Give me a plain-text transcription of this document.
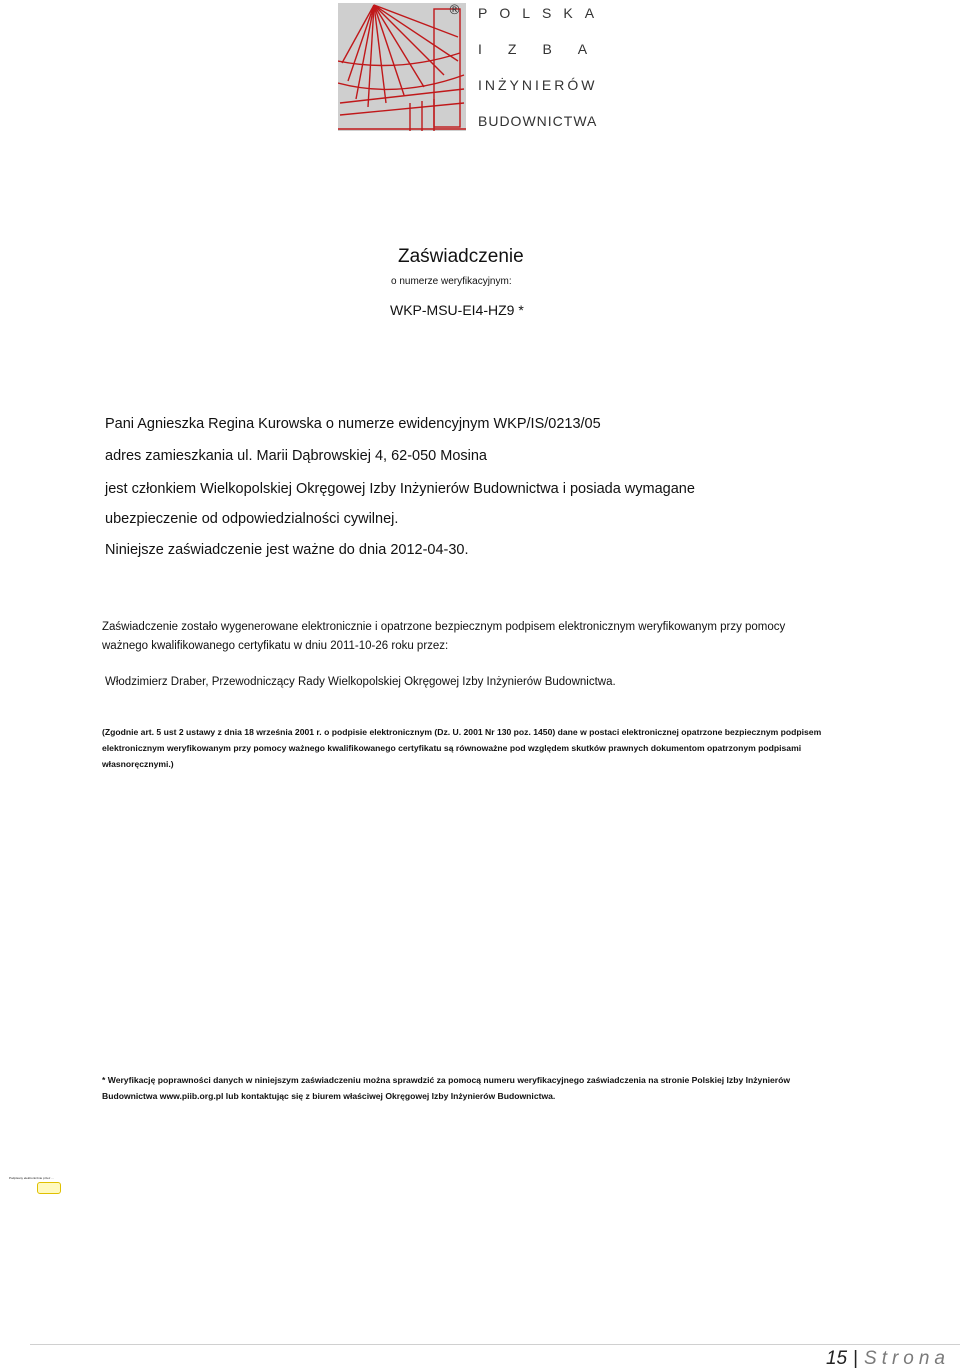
® POLSKA
IZBA
INŻYNIERÓW
BUDOWNICTWA
Zaświadczenie
o numerze weryfikacyjnym:
WKP-MSU-EI4-HZ9 *
Pani Agnieszka Regina Kurowska o numerze ewidencyjnym WKP/IS/0213/05
adres zamieszkania ul. Marii Dąbrowskiej 4, 62-050 Mosina
jest członkiem Wielkopolskiej Okręgowej Izby Inżynierów Budownictwa i posiada wymagane
ubezpieczenie od odpowiedzialności cywilnej.
Niniejsze zaświadczenie jest ważne do dnia 2012-04-30.
Zaświadczenie zostało wygenerowane elektronicznie i opatrzone bezpiecznym podpisem elektronicznym weryfikowanym przy pomocy ważnego kwalifikowanego certyfikatu w dniu 2011-10-26 roku przez:
Włodzimierz Draber, Przewodniczący Rady Wielkopolskiej Okręgowej Izby Inżynierów Budownictwa.
(Zgodnie art. 5 ust 2 ustawy z dnia 18 września 2001 r. o podpisie elektronicznym (Dz. U. 2001 Nr 130 poz. 1450) dane w postaci elektronicznej opatrzone bezpiecznym podpisem elektronicznym weryfikowanym przy pomocy ważnego kwalifikowanego certyfikatu są równoważne pod względem skutków prawnych dokumentom opatrzonym podpisami własnoręcznymi.)
* Weryfikację poprawności danych w niniejszym zaświadczeniu można sprawdzić za pomocą numeru weryfikacyjnego zaświadczenia na stronie Polskiej Izby Inżynierów Budownictwa www.piib.org.pl lub kontaktując się z biurem właściwej Okręgowej Izby Inżynierów Budownictwa.
Podpisany elektronicznie przez ...
15 | Strona
